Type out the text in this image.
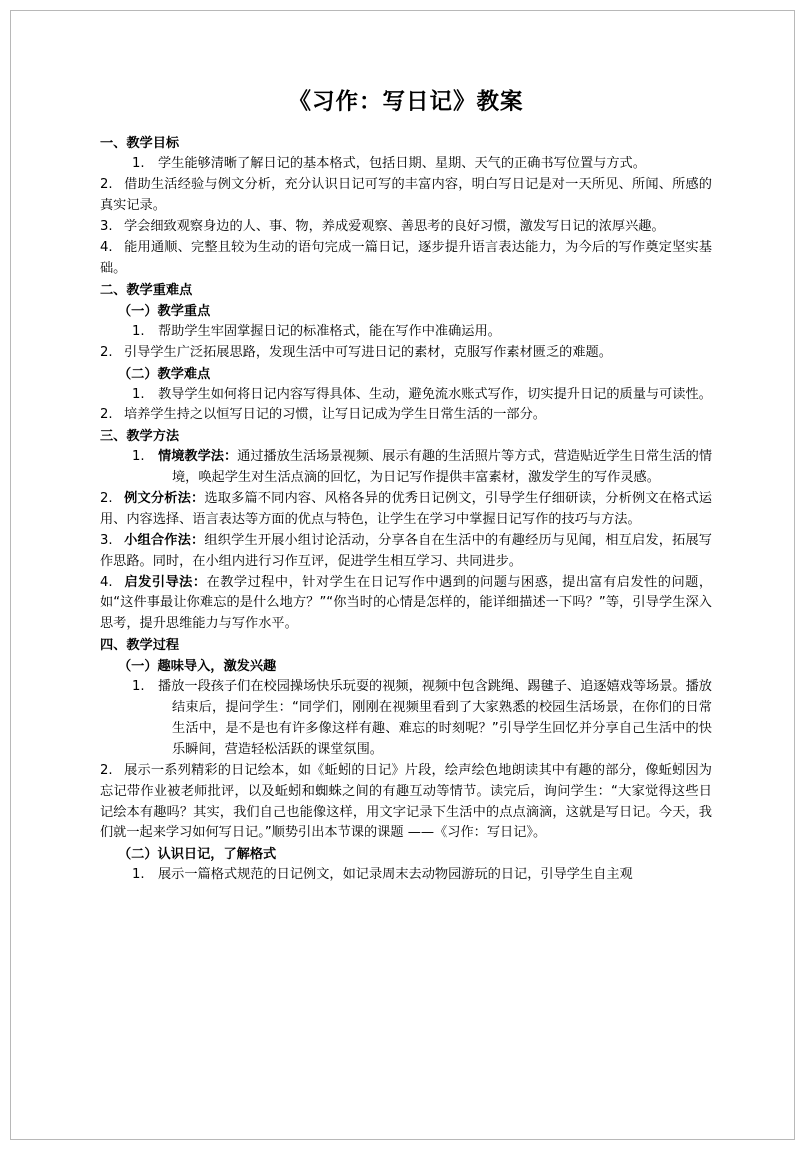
《习作：写日记》教案

一、教学目标

1. 学生能够清晰了解日记的基本格式，包括日期、星期、天气的正确书写位置与方式。

2. 借助生活经验与例文分析，充分认识日记可写的丰富内容，明白写日记是对一天所见、所闻、所感的真实记录。

3. 学会细致观察身边的人、事、物，养成爱观察、善思考的良好习惯，激发写日记的浓厚兴趣。

4. 能用通顺、完整且较为生动的语句完成一篇日记，逐步提升语言表达能力，为今后的写作奠定坚实基础。

二、教学重难点

（一）教学重点

1. 帮助学生牢固掌握日记的标准格式，能在写作中准确运用。

2. 引导学生广泛拓展思路，发现生活中可写进日记的素材，克服写作素材匮乏的难题。

（二）教学难点

1. 教导学生如何将日记内容写得具体、生动，避免流水账式写作，切实提升日记的质量与可读性。

2. 培养学生持之以恒写日记的习惯，让写日记成为学生日常生活的一部分。

三、教学方法

1. 情境教学法：通过播放生活场景视频、展示有趣的生活照片等方式，营造贴近学生日常生活的情境，唤起学生对生活点滴的回忆，为日记写作提供丰富素材，激发学生的写作灵感。

2. 例文分析法：选取多篇不同内容、风格各异的优秀日记例文，引导学生仔细研读，分析例文在格式运用、内容选择、语言表达等方面的优点与特色，让学生在学习中掌握日记写作的技巧与方法。

3. 小组合作法：组织学生开展小组讨论活动，分享各自在生活中的有趣经历与见闻，相互启发，拓展写作思路。同时，在小组内进行习作互评，促进学生相互学习、共同进步。

4. 启发引导法：在教学过程中，针对学生在日记写作中遇到的问题与困惑，提出富有启发性的问题，如“这件事最让你难忘的是什么地方？”“你当时的心情是怎样的，能详细描述一下吗？”等，引导学生深入思考，提升思维能力与写作水平。

四、教学过程

（一）趣味导入，激发兴趣

1. 播放一段孩子们在校园操场快乐玩耍的视频，视频中包含跳绳、踢毽子、追逐嬉戏等场景。播放结束后，提问学生：“同学们，刚刚在视频里看到了大家熟悉的校园生活场景，在你们的日常生活中，是不是也有许多像这样有趣、难忘的时刻呢？”引导学生回忆并分享自己生活中的快乐瞬间，营造轻松活跃的课堂氛围。

2. 展示一系列精彩的日记绘本，如《蚯蚓的日记》片段，绘声绘色地朗读其中有趣的部分，像蚯蚓因为忘记带作业被老师批评，以及蚯蚓和蜘蛛之间的有趣互动等情节。读完后，询问学生：“大家觉得这些日记绘本有趣吗？其实，我们自己也能像这样，用文字记录下生活中的点点滴滴，这就是写日记。今天，我们就一起来学习如何写日记。”顺势引出本节课的课题 ——《习作：写日记》。

（二）认识日记，了解格式

1. 展示一篇格式规范的日记例文，如记录周末去动物园游玩的日记，引导学生自主观
